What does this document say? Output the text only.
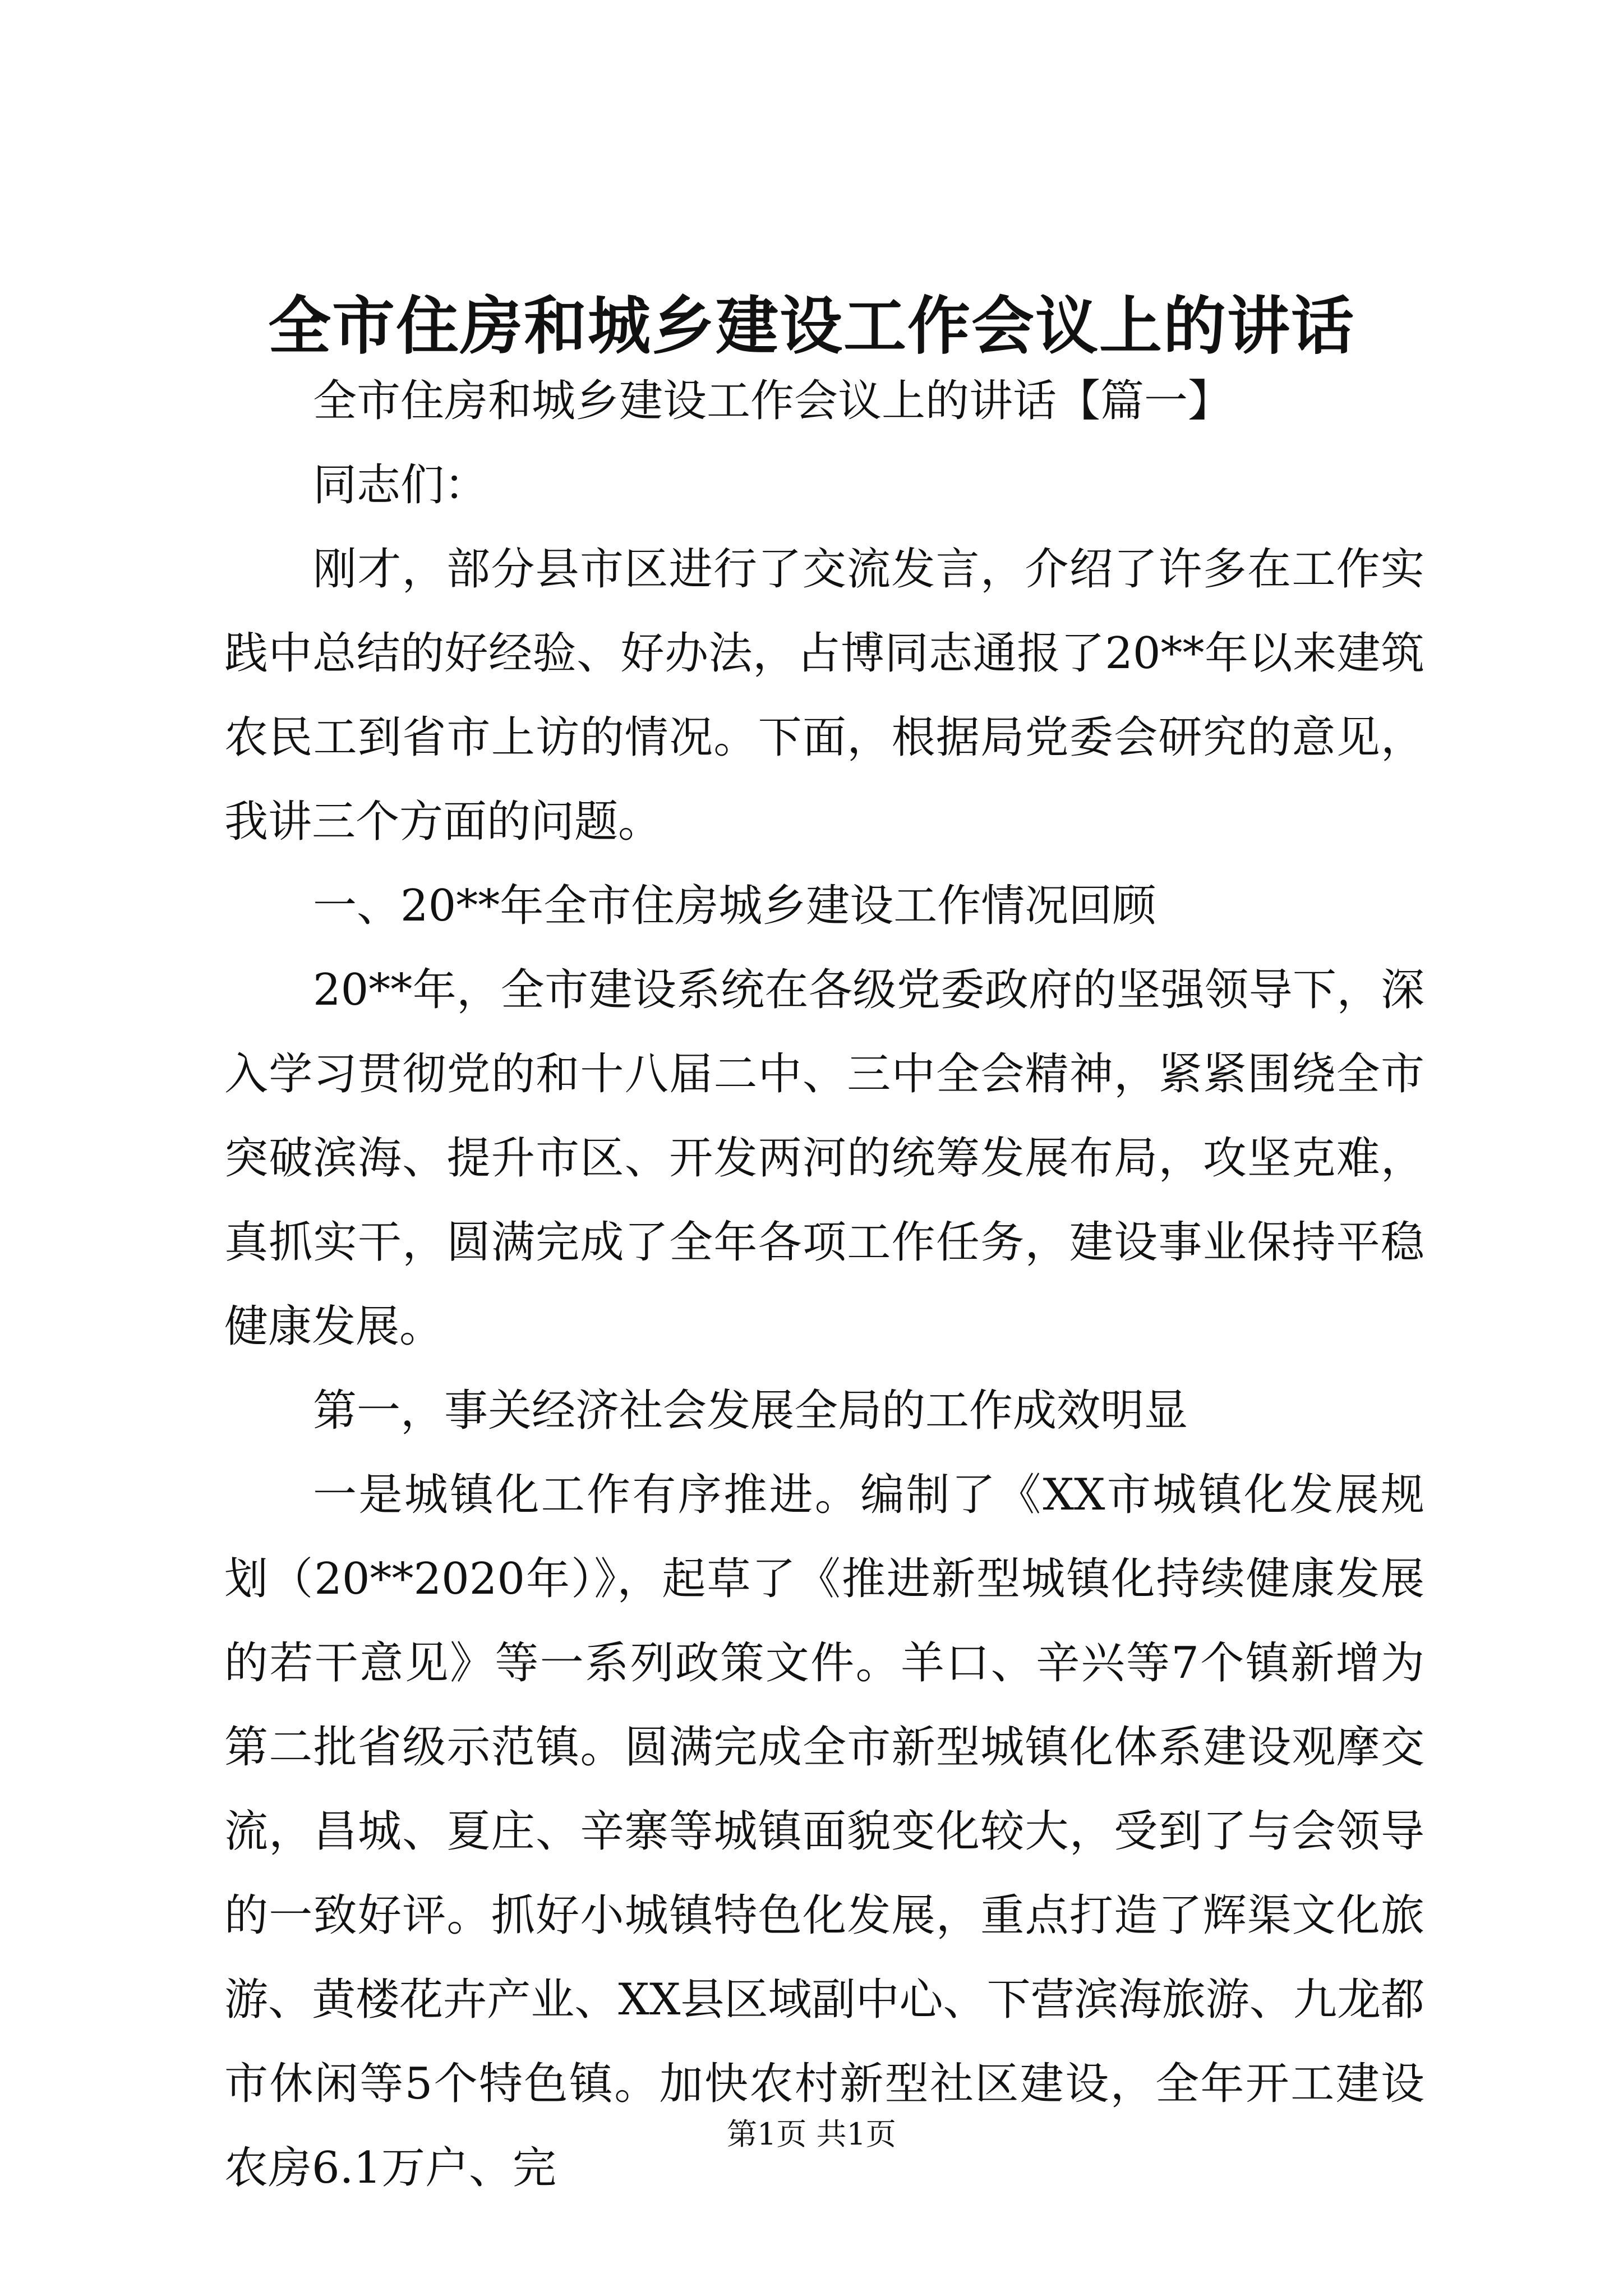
全市住房和城乡建设工作会议上的讲话

全市住房和城乡建设工作会议上的讲话【篇一】

同志们：

刚才，部分县市区进行了交流发言，介绍了许多在工作实践中总结的好经验、好办法，占博同志通报了20**年以来建筑农民工到省市上访的情况。下面，根据局党委会研究的意见，我讲三个方面的问题。

一、20**年全市住房城乡建设工作情况回顾

20**年，全市建设系统在各级党委政府的坚强领导下，深入学习贯彻党的和十八届二中、三中全会精神，紧紧围绕全市突破滨海、提升市区、开发两河的统筹发展布局，攻坚克难，真抓实干，圆满完成了全年各项工作任务，建设事业保持平稳健康发展。

第一，事关经济社会发展全局的工作成效明显

一是城镇化工作有序推进。编制了《XX市城镇化发展规划（20**2020年）》，起草了《推进新型城镇化持续健康发展的若干意见》等一系列政策文件。羊口、辛兴等7个镇新增为第二批省级示范镇。圆满完成全市新型城镇化体系建设观摩交流，昌城、夏庄、辛寨等城镇面貌变化较大，受到了与会领导的一致好评。抓好小城镇特色化发展，重点打造了辉渠文化旅游、黄楼花卉产业、XX县区域副中心、下营滨海旅游、九龙都市休闲等5个特色镇。加快农村新型社区建设，全年开工建设农房6.1万户、完

第1页 共1页
